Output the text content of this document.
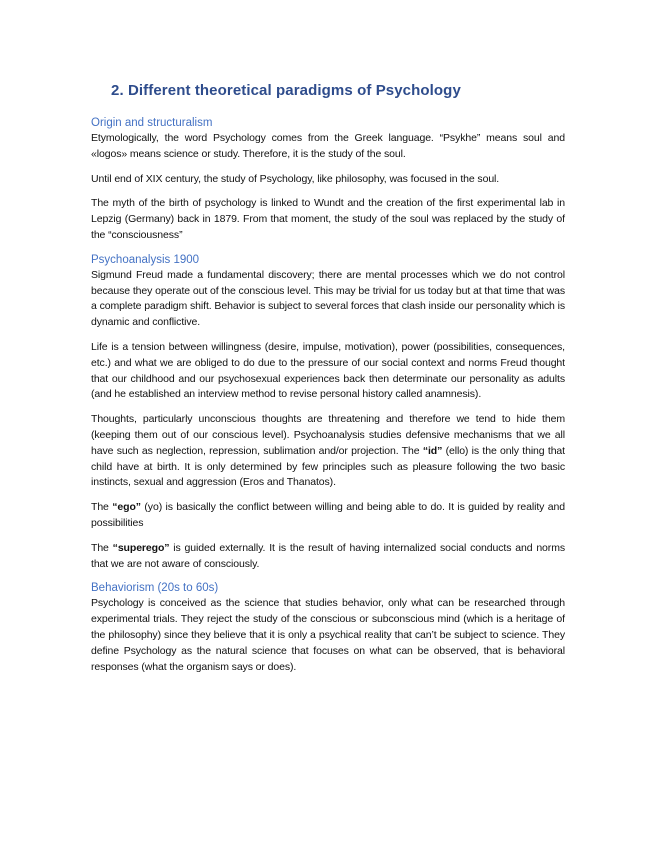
2. Different theoretical paradigms of Psychology
Origin and structuralism

Etymologically, the word Psychology comes from the Greek language. “Psykhe” means soul and «logos» means science or study. Therefore, it is the study of the soul.

Until end of XIX century, the study of Psychology, like philosophy, was focused in the soul.

The myth of the birth of psychology is linked to Wundt and the creation of the first experimental lab in Lepzig (Germany) back in 1879. From that moment, the study of the soul was replaced by the study of the “consciousness”

Psychoanalysis 1900

Sigmund Freud made a fundamental discovery; there are mental processes which we do not control because they operate out of the conscious level. This may be trivial for us today but at that time that was a complete paradigm shift. Behavior is subject to several forces that clash inside our personality which is dynamic and conflictive.

Life is a tension between willingness (desire, impulse, motivation), power (possibilities, consequences, etc.) and what we are obliged to do due to the pressure of our social context and norms Freud thought that our childhood and our psychosexual experiences back then determinate our personality as adults (and he established an interview method to revise personal history called anamnesis).

Thoughts, particularly unconscious thoughts are threatening and therefore we tend to hide them (keeping them out of our conscious level). Psychoanalysis studies defensive mechanisms that we all have such as neglection, repression, sublimation and/or projection. The “id” (ello) is the only thing that child have at birth. It is only determined by few principles such as pleasure following the two basic instincts, sexual and aggression (Eros and Thanatos).

The “ego” (yo) is basically the conflict between willing and being able to do. It is guided by reality and possibilities

The “superego” is guided externally. It is the result of having internalized social conducts and norms that we are not aware of consciously.

Behaviorism (20s to 60s)

Psychology is conceived as the science that studies behavior, only what can be researched through experimental trials. They reject the study of the conscious or subconscious mind (which is a heritage of the philosophy) since they believe that it is only a psychical reality that can’t be subject to science. They define Psychology as the natural science that focuses on what can be observed, that is behavioral responses (what the organism says or does).
